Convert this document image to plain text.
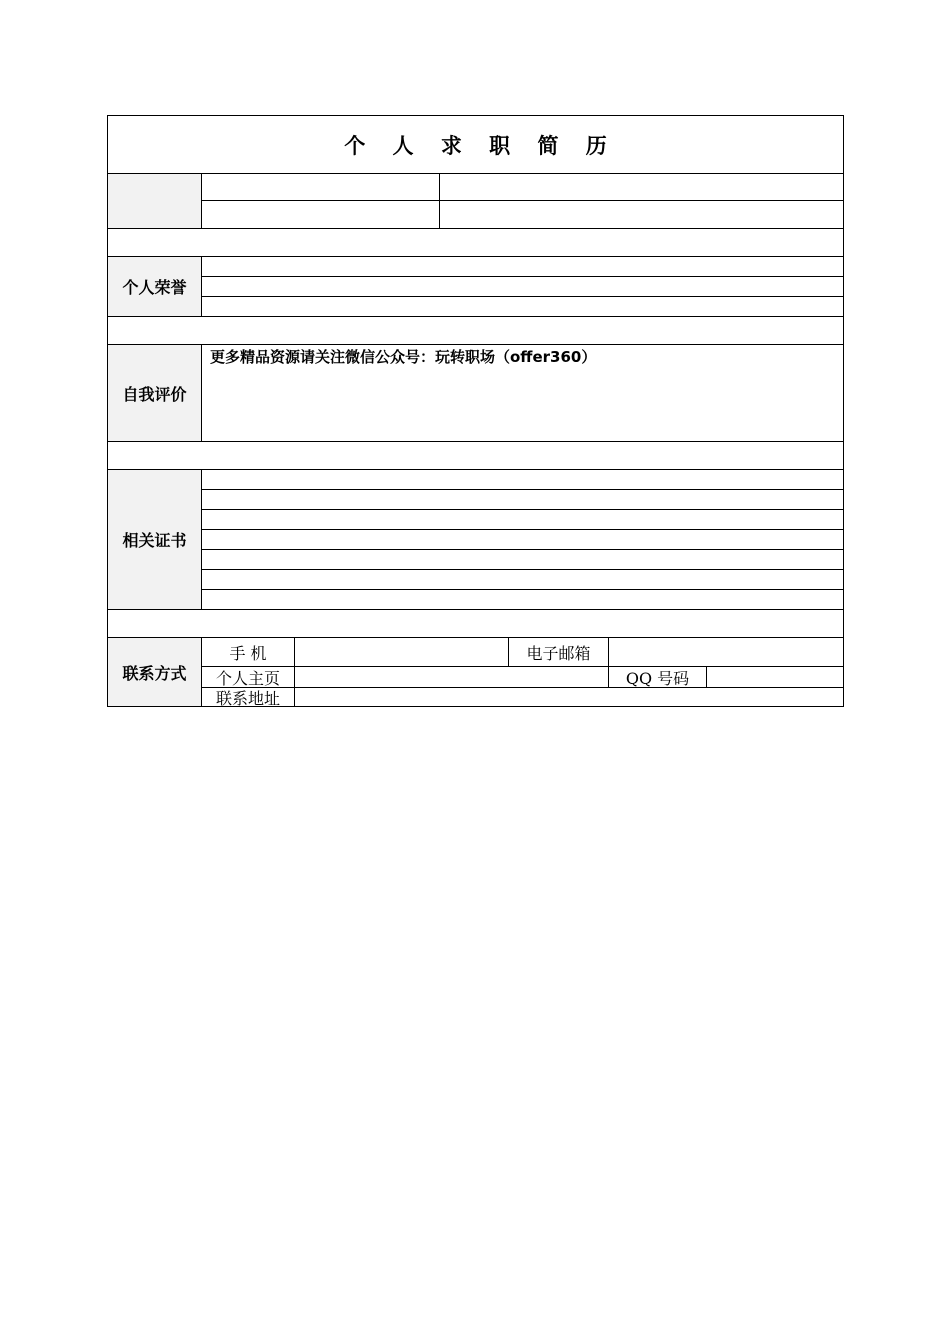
个 人 求 职 简 历
个人荣誉
自我评价
更多精品资源请关注微信公众号：玩转职场（offer360）
相关证书
联系方式
手 机	电子邮箱
个人主页	QQ 号码
联系地址
